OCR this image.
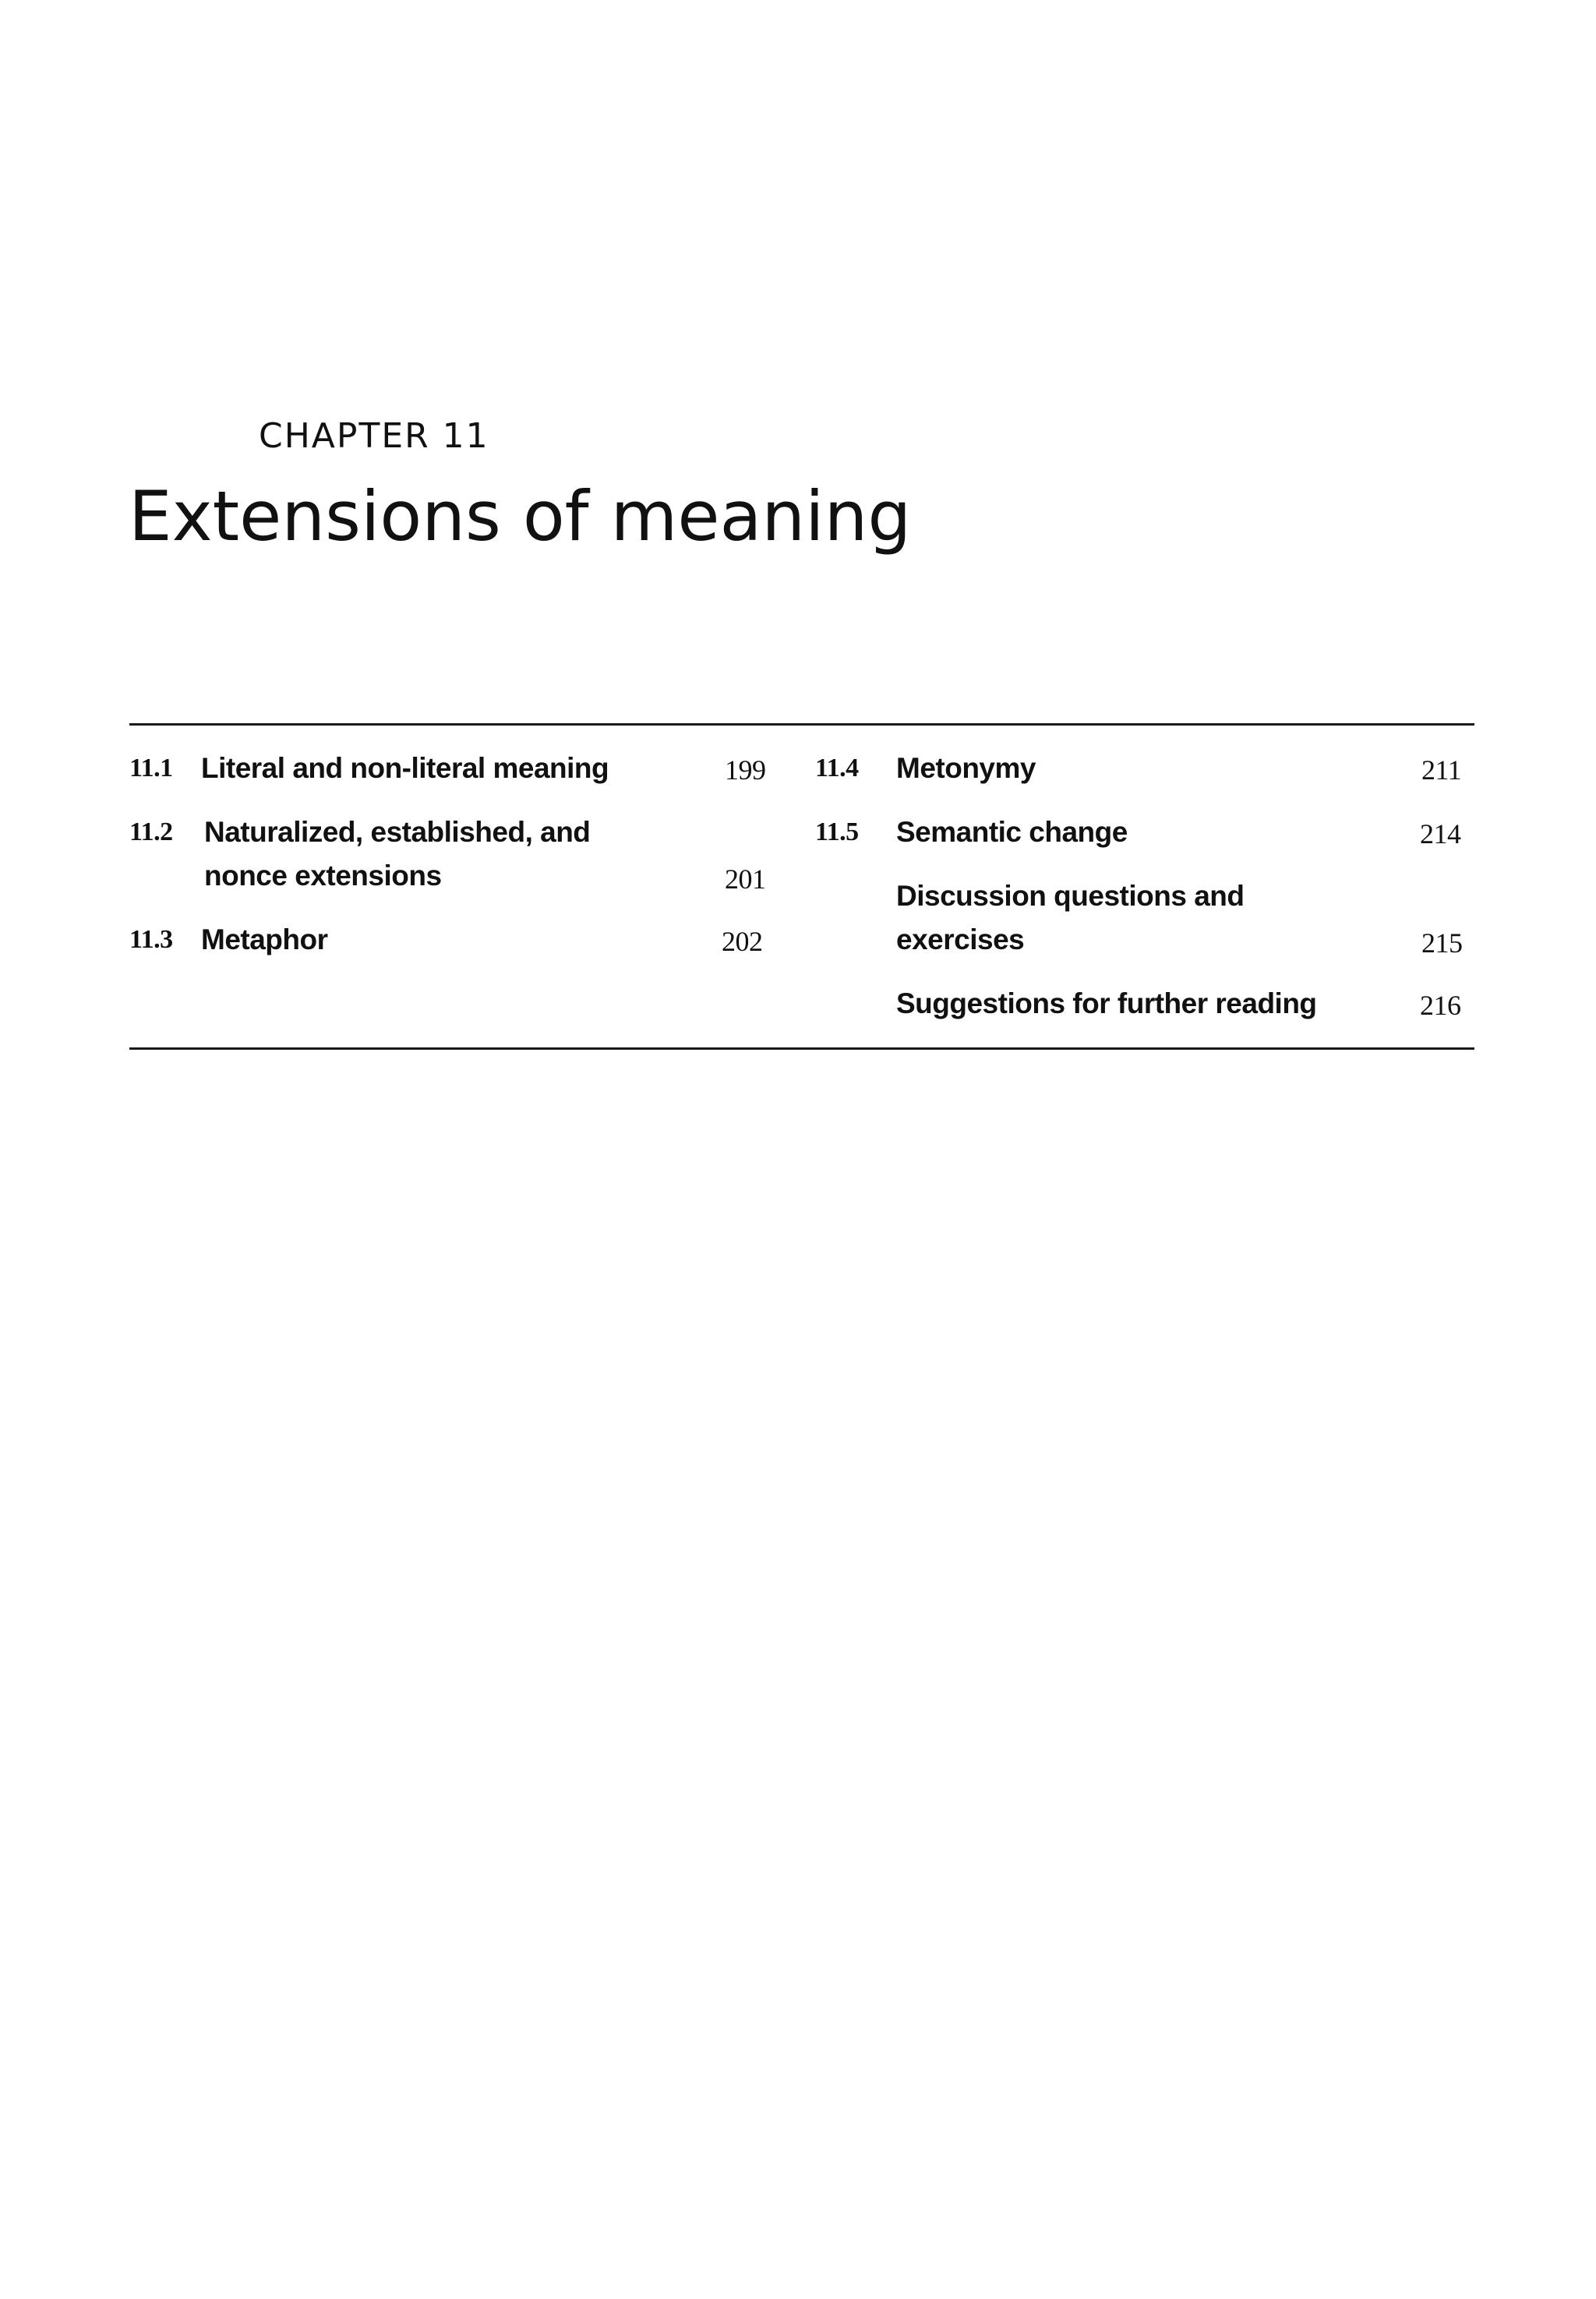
CHAPTER 11
Extensions of meaning
11.1 Literal and non-literal meaning	199
11.2 Naturalized, established, and
nonce extensions	201
11.3 Metaphor	202
11.4 Metonymy	211
11.5 Semantic change	214
Discussion questions and
exercises	215
Suggestions for further reading	216
